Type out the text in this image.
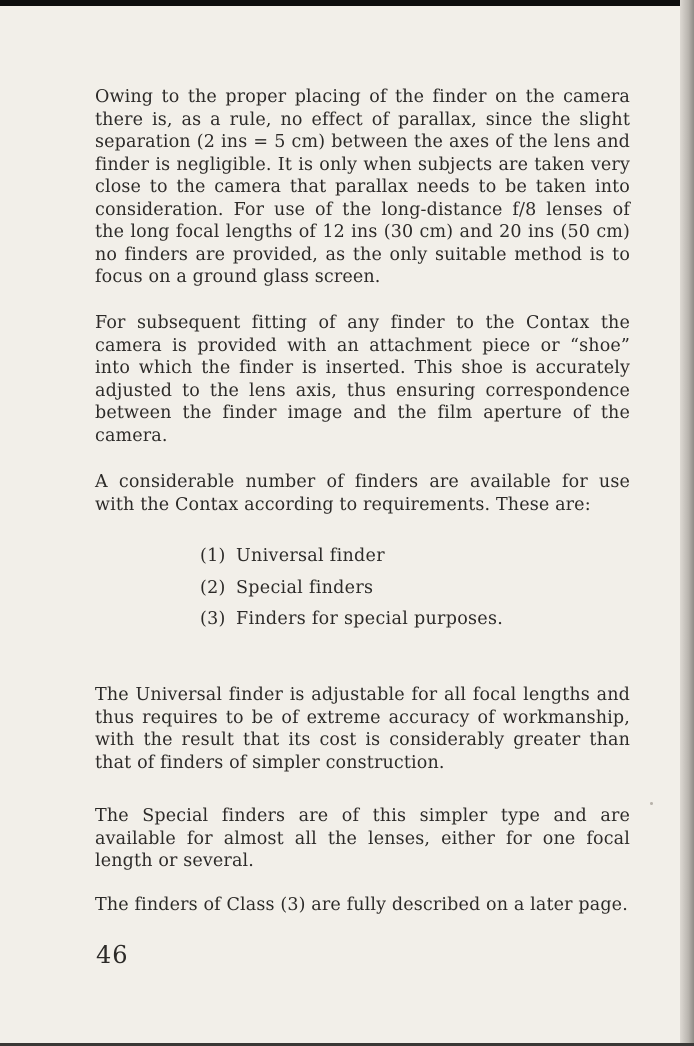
Owing to the proper placing of the finder on the camera there is, as a rule, no effect of parallax, since the slight separation (2 ins = 5 cm) between the axes of the lens and finder is negligible. It is only when subjects are taken very close to the camera that parallax needs to be taken into consideration. For use of the long-distance f/8 lenses of the long focal lengths of 12 ins (30 cm) and 20 ins (50 cm) no finders are provided, as the only suitable method is to focus on a ground glass screen.

For subsequent fitting of any finder to the Contax the camera is provided with an attachment piece or “shoe” into which the finder is inserted. This shoe is accurately adjusted to the lens axis, thus ensuring correspondence between the finder image and the film aperture of the camera.

A considerable number of finders are available for use with the Contax according to requirements. These are:

(1) Universal finder
(2) Special finders
(3) Finders for special purposes.

The Universal finder is adjustable for all focal lengths and thus requires to be of extreme accuracy of workmanship, with the result that its cost is considerably greater than that of finders of simpler construction.

The Special finders are of this simpler type and are available for almost all the lenses, either for one focal length or several.

The finders of Class (3) are fully described on a later page.

46
